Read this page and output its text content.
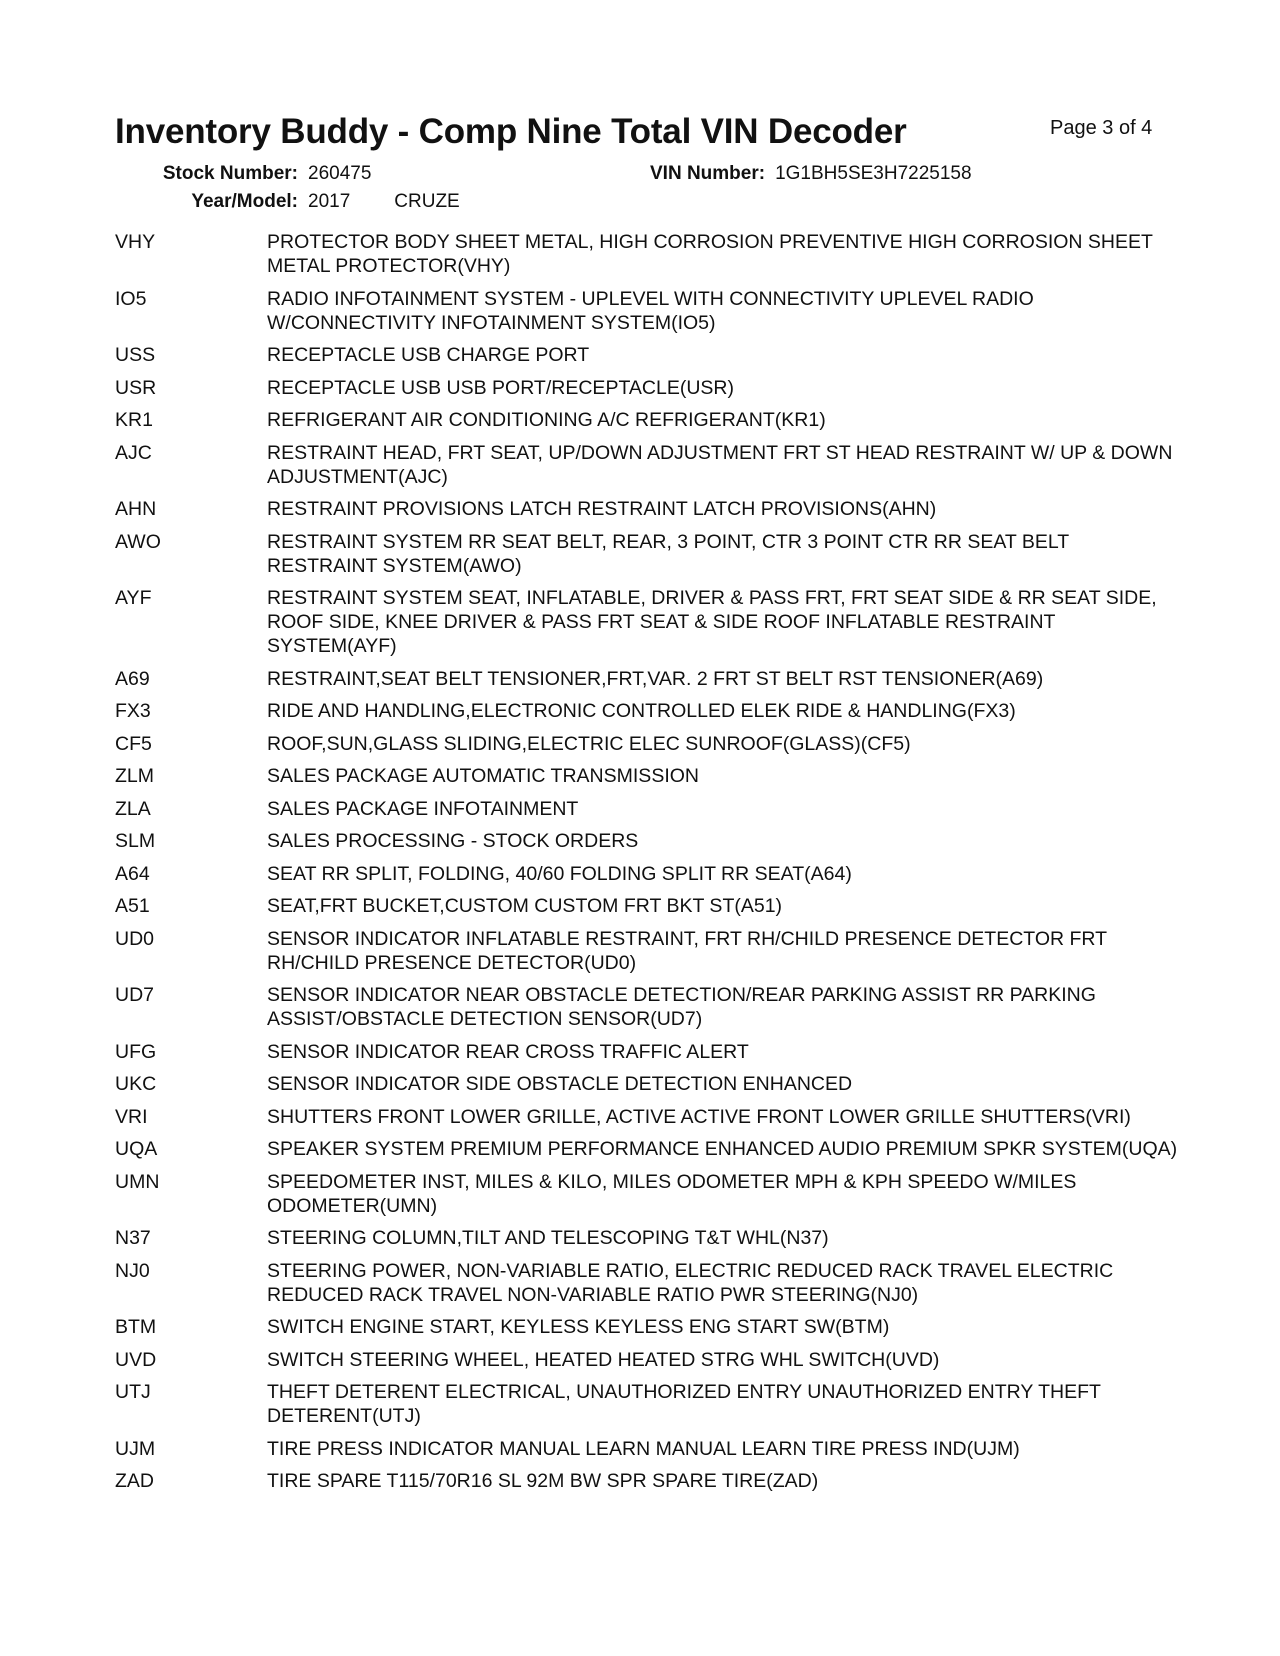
Inventory Buddy - Comp Nine Total VIN Decoder	Page 3 of 4
Stock Number: 260475
Year/Model: 2017 CRUZE
VIN Number: 1G1BH5SE3H7225158
VHY	PROTECTOR BODY SHEET METAL, HIGH CORROSION PREVENTIVE HIGH CORROSION SHEET METAL PROTECTOR(VHY)
IO5	RADIO INFOTAINMENT SYSTEM - UPLEVEL WITH CONNECTIVITY UPLEVEL RADIO W/CONNECTIVITY INFOTAINMENT SYSTEM(IO5)
USS	RECEPTACLE USB CHARGE PORT
USR	RECEPTACLE USB USB PORT/RECEPTACLE(USR)
KR1	REFRIGERANT AIR CONDITIONING A/C REFRIGERANT(KR1)
AJC	RESTRAINT HEAD, FRT SEAT, UP/DOWN ADJUSTMENT FRT ST HEAD RESTRAINT W/ UP & DOWN ADJUSTMENT(AJC)
AHN	RESTRAINT PROVISIONS LATCH RESTRAINT LATCH PROVISIONS(AHN)
AWO	RESTRAINT SYSTEM RR SEAT BELT, REAR, 3 POINT, CTR 3 POINT CTR RR SEAT BELT RESTRAINT SYSTEM(AWO)
AYF	RESTRAINT SYSTEM SEAT, INFLATABLE, DRIVER & PASS FRT, FRT SEAT SIDE & RR SEAT SIDE, ROOF SIDE, KNEE DRIVER & PASS FRT SEAT & SIDE ROOF INFLATABLE RESTRAINT SYSTEM(AYF)
A69	RESTRAINT,SEAT BELT TENSIONER,FRT,VAR. 2 FRT ST BELT RST TENSIONER(A69)
FX3	RIDE AND HANDLING,ELECTRONIC CONTROLLED ELEK RIDE & HANDLING(FX3)
CF5	ROOF,SUN,GLASS SLIDING,ELECTRIC ELEC SUNROOF(GLASS)(CF5)
ZLM	SALES PACKAGE AUTOMATIC TRANSMISSION
ZLA	SALES PACKAGE INFOTAINMENT
SLM	SALES PROCESSING - STOCK ORDERS
A64	SEAT RR SPLIT, FOLDING, 40/60 FOLDING SPLIT RR SEAT(A64)
A51	SEAT,FRT BUCKET,CUSTOM CUSTOM FRT BKT ST(A51)
UD0	SENSOR INDICATOR INFLATABLE RESTRAINT, FRT RH/CHILD PRESENCE DETECTOR FRT RH/CHILD PRESENCE DETECTOR(UD0)
UD7	SENSOR INDICATOR NEAR OBSTACLE DETECTION/REAR PARKING ASSIST RR PARKING ASSIST/OBSTACLE DETECTION SENSOR(UD7)
UFG	SENSOR INDICATOR REAR CROSS TRAFFIC ALERT
UKC	SENSOR INDICATOR SIDE OBSTACLE DETECTION ENHANCED
VRI	SHUTTERS FRONT LOWER GRILLE, ACTIVE ACTIVE FRONT LOWER GRILLE SHUTTERS(VRI)
UQA	SPEAKER SYSTEM PREMIUM PERFORMANCE ENHANCED AUDIO PREMIUM SPKR SYSTEM(UQA)
UMN	SPEEDOMETER INST, MILES & KILO, MILES ODOMETER MPH & KPH SPEEDO W/MILES ODOMETER(UMN)
N37	STEERING COLUMN,TILT AND TELESCOPING T&T WHL(N37)
NJ0	STEERING POWER, NON-VARIABLE RATIO, ELECTRIC REDUCED RACK TRAVEL ELECTRIC REDUCED RACK TRAVEL NON-VARIABLE RATIO PWR STEERING(NJ0)
BTM	SWITCH ENGINE START, KEYLESS KEYLESS ENG START SW(BTM)
UVD	SWITCH STEERING WHEEL, HEATED HEATED STRG WHL SWITCH(UVD)
UTJ	THEFT DETERENT ELECTRICAL, UNAUTHORIZED ENTRY UNAUTHORIZED ENTRY THEFT DETERENT(UTJ)
UJM	TIRE PRESS INDICATOR MANUAL LEARN MANUAL LEARN TIRE PRESS IND(UJM)
ZAD	TIRE SPARE T115/70R16 SL 92M BW SPR SPARE TIRE(ZAD)
